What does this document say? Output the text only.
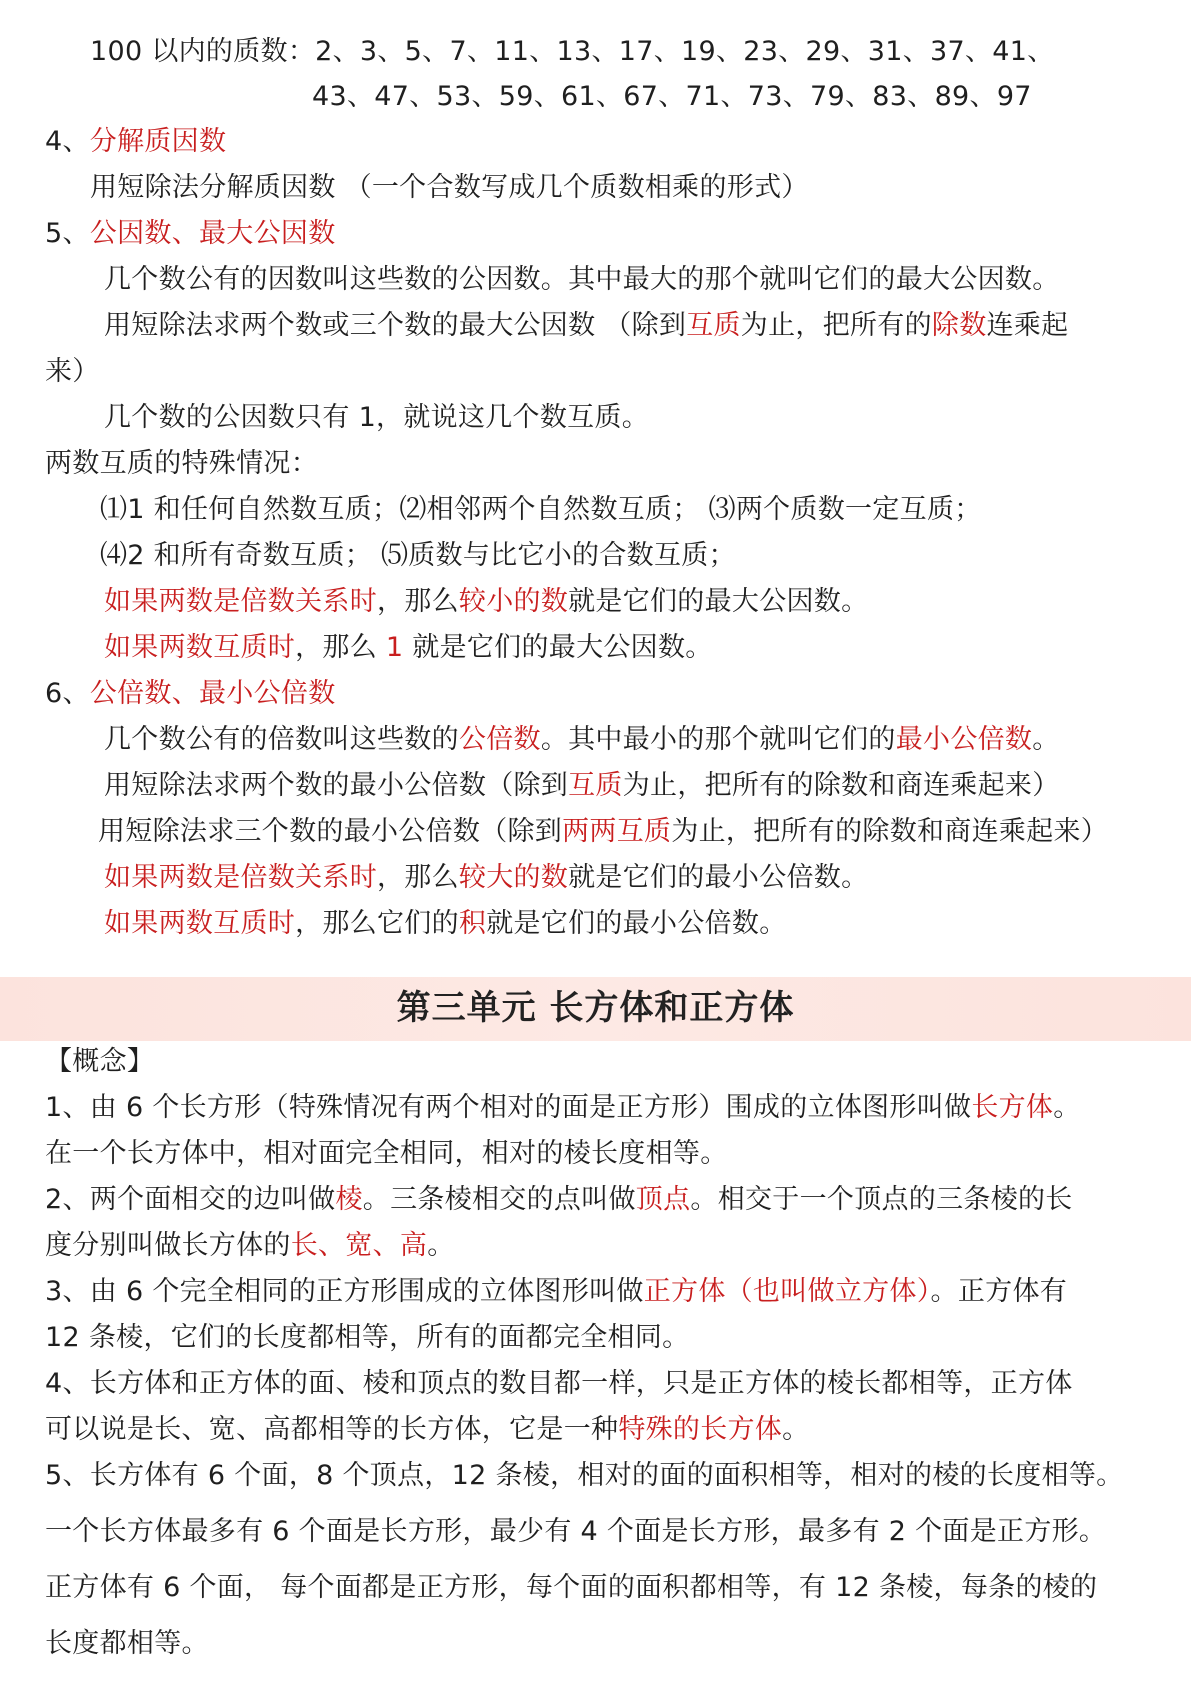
100 以内的质数：2、3、5、7、11、13、17、19、23、29、31、37、41、
43、47、53、59、61、67、71、73、79、83、89、97
4、分解质因数
用短除法分解质因数 （一个合数写成几个质数相乘的形式）
5、公因数、最大公因数
几个数公有的因数叫这些数的公因数。其中最大的那个就叫它们的最大公因数。
用短除法求两个数或三个数的最大公因数 （除到互质为止，把所有的除数连乘起
来）
几个数的公因数只有 1，就说这几个数互质。
两数互质的特殊情况：
⑴1 和任何自然数互质；⑵相邻两个自然数互质； ⑶两个质数一定互质；
⑷2 和所有奇数互质； ⑸质数与比它小的合数互质；
如果两数是倍数关系时，那么较小的数就是它们的最大公因数。
如果两数互质时，那么 1 就是它们的最大公因数。
6、公倍数、最小公倍数
几个数公有的倍数叫这些数的公倍数。其中最小的那个就叫它们的最小公倍数。
用短除法求两个数的最小公倍数（除到互质为止，把所有的除数和商连乘起来）
用短除法求三个数的最小公倍数（除到两两互质为止，把所有的除数和商连乘起来）
如果两数是倍数关系时，那么较大的数就是它们的最小公倍数。
如果两数互质时，那么它们的积就是它们的最小公倍数。
第三单元 长方体和正方体
【概念】
1、由 6 个长方形（特殊情况有两个相对的面是正方形）围成的立体图形叫做长方体。
在一个长方体中，相对面完全相同，相对的棱长度相等。
2、两个面相交的边叫做棱。三条棱相交的点叫做顶点。相交于一个顶点的三条棱的长
度分别叫做长方体的长、宽、高。
3、由 6 个完全相同的正方形围成的立体图形叫做正方体（也叫做立方体）。正方体有
12 条棱，它们的长度都相等，所有的面都完全相同。
4、长方体和正方体的面、棱和顶点的数目都一样，只是正方体的棱长都相等，正方体
可以说是长、宽、高都相等的长方体，它是一种特殊的长方体。
5、长方体有 6 个面，8 个顶点，12 条棱，相对的面的面积相等，相对的棱的长度相等。
一个长方体最多有 6 个面是长方形，最少有 4 个面是长方形，最多有 2 个面是正方形。
正方体有 6 个面， 每个面都是正方形，每个面的面积都相等，有 12 条棱，每条的棱的
长度都相等。
